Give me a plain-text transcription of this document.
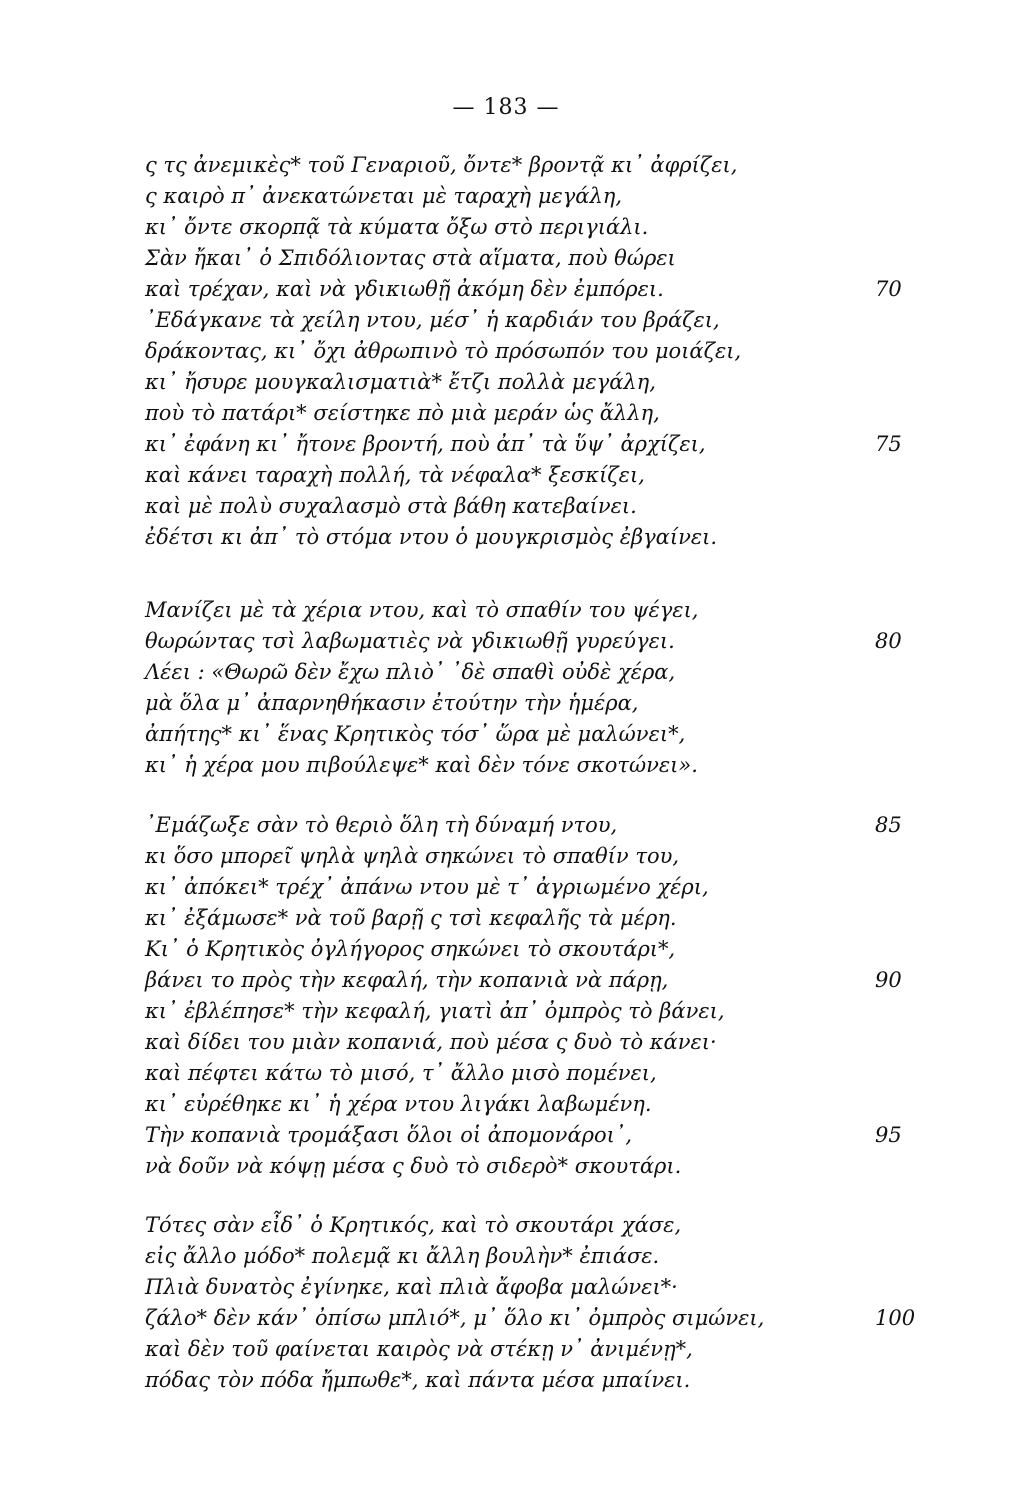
— 183 —
ς τς ἀνεμικὲς* τοῦ Γεναριοῦ, ὄντε* βροντᾷ κι᾽ ἀφρίζει,
ς καιρὸ π᾽ ἀνεκατώνεται μὲ ταραχὴ μεγάλη,
κι᾽ ὄντε σκορπᾷ τὰ κύματα ὄξω στὸ περιγιάλι.
Σὰν ἤκαι᾽ ὁ Σπιδόλιοντας στὰ αἵματα, ποὺ θώρει
καὶ τρέχαν, καὶ νὰ γδικιωθῇ ἀκόμη δὲν ἐμπόρει.	70
᾽Εδάγκανε τὰ χείλη ντου, μέσ᾽ ἡ καρδιάν του βράζει,
δράκοντας, κι᾽ ὄχι ἀθρωπινὸ τὸ πρόσωπόν του μοιάζει,
κι᾽ ἤσυρε μουγκαλισματιὰ* ἔτζι πολλὰ μεγάλη,
ποὺ τὸ πατάρι* σείστηκε πὸ μιὰ μεράν ὡς ἄλλη,
κι᾽ ἐφάνη κι᾽ ἤτονε βροντή, ποὺ ἀπ᾽ τὰ ὕψ᾽ ἀρχίζει,	75
καὶ κάνει ταραχὴ πολλή, τὰ νέφαλα* ξεσκίζει,
καὶ μὲ πολὺ συχαλασμὸ στὰ βάθη κατεβαίνει.
ἐδέτσι κι ἀπ᾽ τὸ στόμα ντου ὁ μουγκρισμὸς ἐβγαίνει.
Μανίζει μὲ τὰ χέρια ντου, καὶ τὸ σπαθίν του ψέγει,
θωρώντας τσὶ λαβωματιὲς νὰ γδικιωθῇ γυρεύγει.	80
Λέει : «Θωρῶ δὲν ἔχω πλιὸ᾽ ᾽δὲ σπαθὶ οὐδὲ χέρα,
μὰ ὅλα μ᾽ ἀπαρνηθήκασιν ἐτούτην τὴν ἡμέρα,
ἀπήτης* κι᾽ ἕνας Κρητικὸς τόσ᾽ ὥρα μὲ μαλώνει*,
κι᾽ ἡ χέρα μου πιβούλεψε* καὶ δὲν τόνε σκοτώνει».
᾽Εμάζωξε σὰν τὸ θεριὸ ὅλη τὴ δύναμή ντου,	85
κι ὅσο μπορεῖ ψηλὰ ψηλὰ σηκώνει τὸ σπαθίν του,
κι᾽ ἀπόκει* τρέχ᾽ ἀπάνω ντου μὲ τ᾽ ἀγριωμένο χέρι,
κι᾽ ἐξάμωσε* νὰ τοῦ βαρῇ ς τσὶ κεφαλῆς τὰ μέρη.
Κι᾽ ὁ Κρητικὸς ὀγλήγορος σηκώνει τὸ σκουτάρι*,
βάνει το πρὸς τὴν κεφαλή, τὴν κοπανιὰ νὰ πάρῃ,	90
κι᾽ ἐβλέπησε* τὴν κεφαλή, γιατὶ ἀπ᾽ ὀμπρὸς τὸ βάνει,
καὶ δίδει του μιὰν κοπανιά, ποὺ μέσα ς δυὸ τὸ κάνει·
καὶ πέφτει κάτω τὸ μισό, τ᾽ ἄλλο μισὸ πομένει,
κι᾽ εὐρέθηκε κι᾽ ἡ χέρα ντου λιγάκι λαβωμένη.
Τὴν κοπανιὰ τρομάξασι ὅλοι οἱ ἀπομονάροι᾽,	95
νὰ δοῦν νὰ κόψῃ μέσα ς δυὸ τὸ σιδερὸ* σκουτάρι.
Τότες σὰν εἶδ᾽ ὁ Κρητικός, καὶ τὸ σκουτάρι χάσε,
εἰς ἄλλο μόδο* πολεμᾷ κι ἄλλη βουλὴν* ἐπιάσε.
Πλιὰ δυνατὸς ἐγίνηκε, καὶ πλιὰ ἄφοβα μαλώνει*·
ζάλο* δὲν κάν᾽ ὀπίσω μπλιό*, μ᾽ ὅλο κι᾽ ὀμπρὸς σιμώνει,	100
καὶ δὲν τοῦ φαίνεται καιρὸς νὰ στέκῃ ν᾽ ἀνιμένῃ*,
πόδας τὸν πόδα ἤμπωθε*, καὶ πάντα μέσα μπαίνει.
